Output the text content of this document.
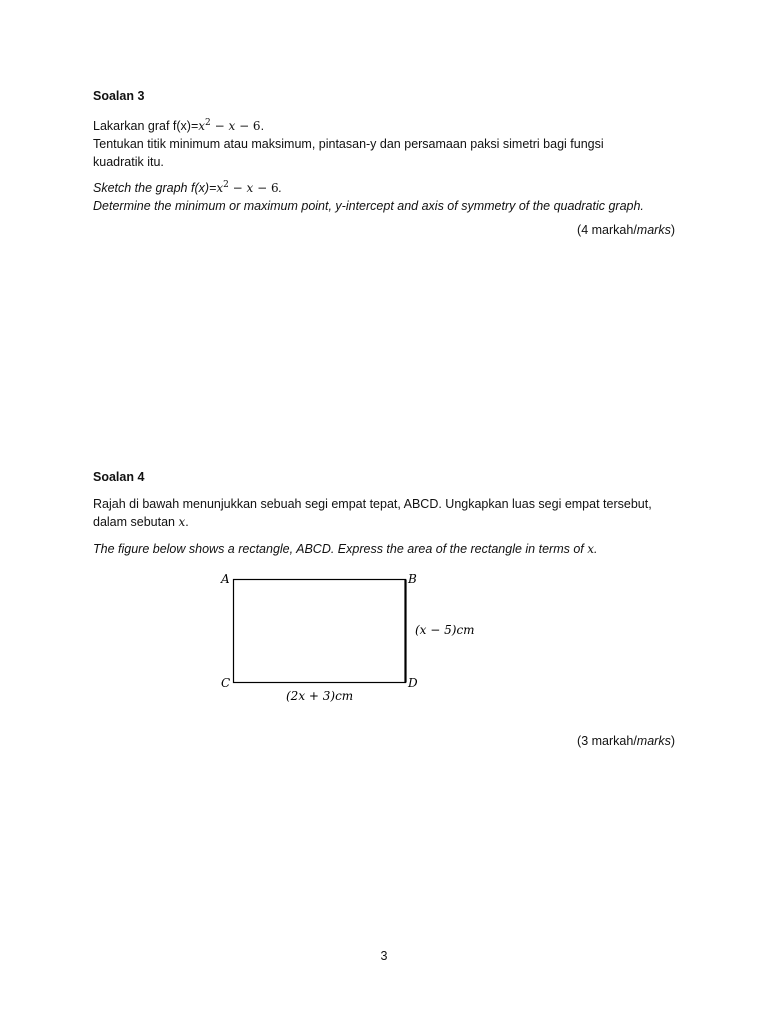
Soalan 3
Lakarkan graf $f(x)=x^2 - x - 6$.
Tentukan titik minimum atau maksimum, pintasan-y dan persamaan paksi simetri bagi fungsi
kuadratik itu.
Sketch the graph $f(x)=x^2 - x - 6$.
Determine the minimum or maximum point, y-intercept and axis of symmetry of the quadratic graph.
(4 markah/marks)
Soalan 4
Rajah di bawah menunjukkan sebuah segi empat tepat, ABCD. Ungkapkan luas segi empat tersebut,
dalam sebutan x.
The figure below shows a rectangle, ABCD. Express the area of the rectangle in terms of x.
A	B
C	D
(x − 5)cm
(2x + 3)cm
(3 markah/marks)
3
